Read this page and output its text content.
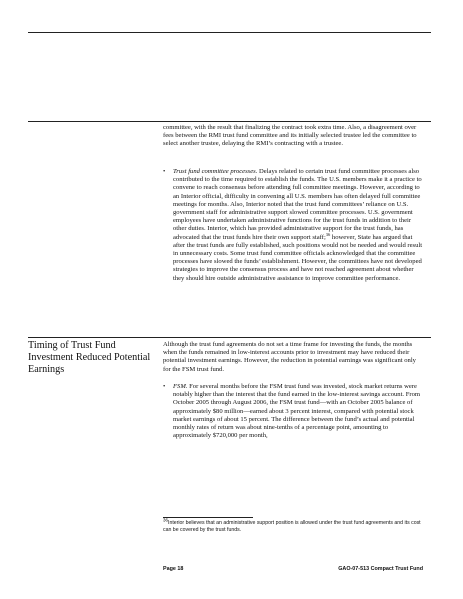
committee, with the result that finalizing the contract took extra time. Also, a disagreement over fees between the RMI trust fund committee and its initially selected trustee led the committee to select another trustee, delaying the RMI’s contracting with a trustee.

• Trust fund committee processes. Delays related to certain trust fund committee processes also contributed to the time required to establish the funds. The U.S. members make it a practice to convene to reach consensus before attending full committee meetings. However, according to an Interior official, difficulty in convening all U.S. members has often delayed full committee meetings for months. Also, Interior noted that the trust fund committees’ reliance on U.S. government staff for administrative support slowed committee processes. U.S. government employees have undertaken administrative functions for the trust funds in addition to their other duties. Interior, which has provided administrative support for the trust funds, has advocated that the trust funds hire their own support staff;$^{36}$ however, State has argued that after the trust funds are fully established, such positions would not be needed and would result in unnecessary costs. Some trust fund committee officials acknowledged that the committee processes have slowed the funds’ establishment. However, the committees have not developed strategies to improve the consensus process and have not reached agreement about whether they should hire outside administrative assistance to improve committee performance.

Timing of Trust Fund Investment Reduced Potential Earnings

Although the trust fund agreements do not set a time frame for investing the funds, the months when the funds remained in low-interest accounts prior to investment may have reduced their potential investment earnings. However, the reduction in potential earnings was significant only for the FSM trust fund.

• FSM. For several months before the FSM trust fund was invested, stock market returns were notably higher than the interest that the fund earned in the low-interest savings account. From October 2005 through August 2006, the FSM trust fund—with an October 2005 balance of approximately $80 million—earned about 3 percent interest, compared with potential stock market earnings of about 15 percent. The difference between the fund’s actual and potential monthly rates of return was about nine-tenths of a percentage point, amounting to approximately $720,000 per month,

$^{36}$Interior believes that an administrative support position is allowed under the trust fund agreements and its cost can be covered by the trust funds.
Page 18	GAO-07-513 Compact Trust Fund
